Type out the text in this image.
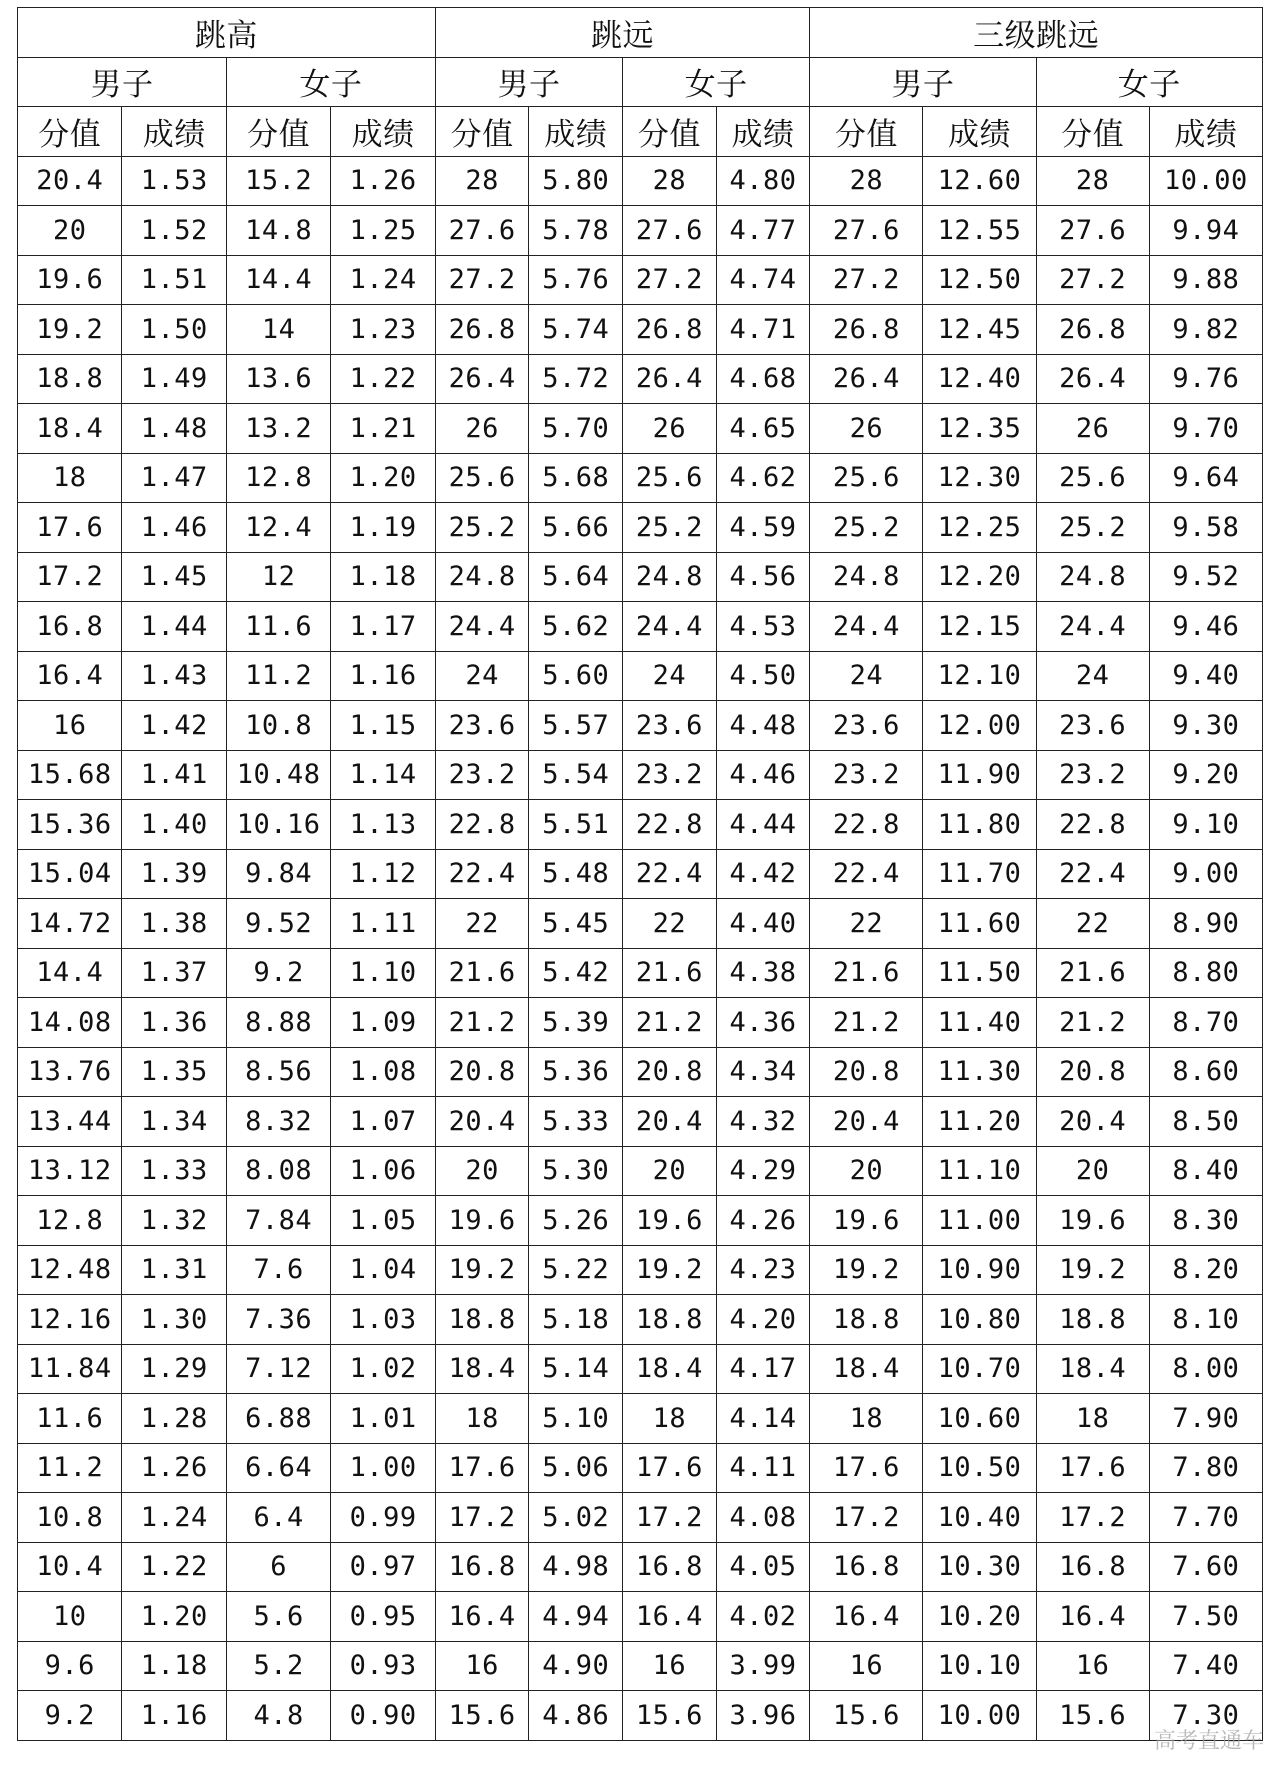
跳高				跳远				三级跳远			
男子		女子		男子		女子		男子		女子	
分值	成绩	分值	成绩	分值	成绩	分值	成绩	分值	成绩	分值	成绩
20.4	1.53	15.2	1.26	28	5.80	28	4.80	28	12.60	28	10.00
20	1.52	14.8	1.25	27.6	5.78	27.6	4.77	27.6	12.55	27.6	9.94
19.6	1.51	14.4	1.24	27.2	5.76	27.2	4.74	27.2	12.50	27.2	9.88
19.2	1.50	14	1.23	26.8	5.74	26.8	4.71	26.8	12.45	26.8	9.82
18.8	1.49	13.6	1.22	26.4	5.72	26.4	4.68	26.4	12.40	26.4	9.76
18.4	1.48	13.2	1.21	26	5.70	26	4.65	26	12.35	26	9.70
18	1.47	12.8	1.20	25.6	5.68	25.6	4.62	25.6	12.30	25.6	9.64
17.6	1.46	12.4	1.19	25.2	5.66	25.2	4.59	25.2	12.25	25.2	9.58
17.2	1.45	12	1.18	24.8	5.64	24.8	4.56	24.8	12.20	24.8	9.52
16.8	1.44	11.6	1.17	24.4	5.62	24.4	4.53	24.4	12.15	24.4	9.46
16.4	1.43	11.2	1.16	24	5.60	24	4.50	24	12.10	24	9.40
16	1.42	10.8	1.15	23.6	5.57	23.6	4.48	23.6	12.00	23.6	9.30
15.68	1.41	10.48	1.14	23.2	5.54	23.2	4.46	23.2	11.90	23.2	9.20
15.36	1.40	10.16	1.13	22.8	5.51	22.8	4.44	22.8	11.80	22.8	9.10
15.04	1.39	9.84	1.12	22.4	5.48	22.4	4.42	22.4	11.70	22.4	9.00
14.72	1.38	9.52	1.11	22	5.45	22	4.40	22	11.60	22	8.90
14.4	1.37	9.2	1.10	21.6	5.42	21.6	4.38	21.6	11.50	21.6	8.80
14.08	1.36	8.88	1.09	21.2	5.39	21.2	4.36	21.2	11.40	21.2	8.70
13.76	1.35	8.56	1.08	20.8	5.36	20.8	4.34	20.8	11.30	20.8	8.60
13.44	1.34	8.32	1.07	20.4	5.33	20.4	4.32	20.4	11.20	20.4	8.50
13.12	1.33	8.08	1.06	20	5.30	20	4.29	20	11.10	20	8.40
12.8	1.32	7.84	1.05	19.6	5.26	19.6	4.26	19.6	11.00	19.6	8.30
12.48	1.31	7.6	1.04	19.2	5.22	19.2	4.23	19.2	10.90	19.2	8.20
12.16	1.30	7.36	1.03	18.8	5.18	18.8	4.20	18.8	10.80	18.8	8.10
11.84	1.29	7.12	1.02	18.4	5.14	18.4	4.17	18.4	10.70	18.4	8.00
11.6	1.28	6.88	1.01	18	5.10	18	4.14	18	10.60	18	7.90
11.2	1.26	6.64	1.00	17.6	5.06	17.6	4.11	17.6	10.50	17.6	7.80
10.8	1.24	6.4	0.99	17.2	5.02	17.2	4.08	17.2	10.40	17.2	7.70
10.4	1.22	6	0.97	16.8	4.98	16.8	4.05	16.8	10.30	16.8	7.60
10	1.20	5.6	0.95	16.4	4.94	16.4	4.02	16.4	10.20	16.4	7.50
9.6	1.18	5.2	0.93	16	4.90	16	3.99	16	10.10	16	7.40
9.2	1.16	4.8	0.90	15.6	4.86	15.6	3.96	15.6	10.00	15.6	7.30
高考直通车
